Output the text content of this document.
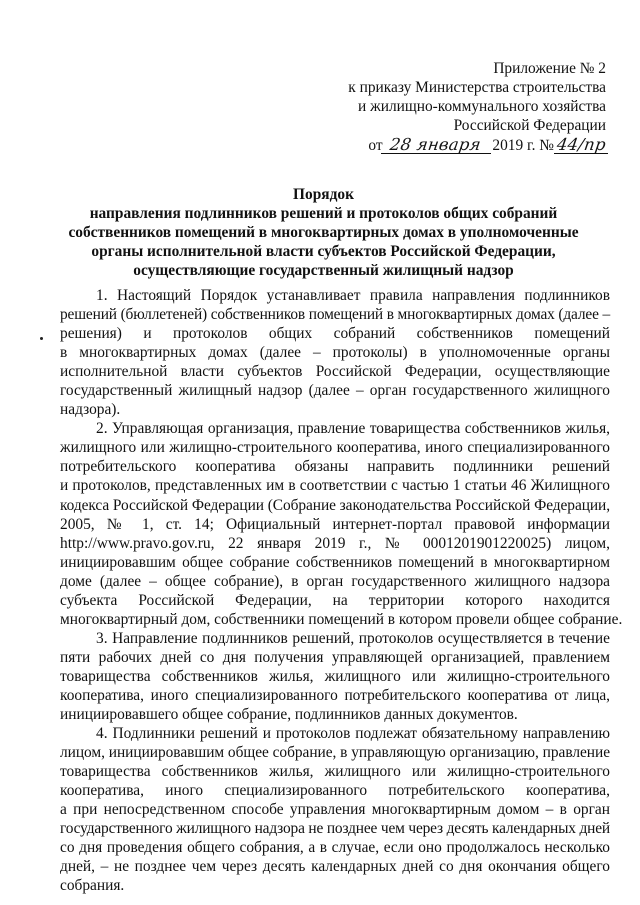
Приложение № 2
к приказу Министерства строительства
и жилищно-коммунального хозяйства
Российской Федерации
от 28 января 2019 г. №44/пр
Порядок
направления подлинников решений и протоколов общих собраний
собственников помещений в многоквартирных домах в уполномоченные
органы исполнительной власти субъектов Российской Федерации,
осуществляющие государственный жилищный надзор
1. Настоящий Порядок устанавливает правила направления подлинников
решений (бюллетеней) собственников помещений в многоквартирных домах (далее –
решения) и протоколов общих собраний собственников помещений
в многоквартирных домах (далее – протоколы) в уполномоченные органы
исполнительной власти субъектов Российской Федерации, осуществляющие
государственный жилищный надзор (далее – орган государственного жилищного
надзора).
2. Управляющая организация, правление товарищества собственников жилья,
жилищного или жилищно-строительного кооператива, иного специализированного
потребительского кооператива обязаны направить подлинники решений
и протоколов, представленных им в соответствии с частью 1 статьи 46 Жилищного
кодекса Российской Федерации (Собрание законодательства Российской Федерации,
2005, № 1, ст. 14; Официальный интернет-портал правовой информации
http://www.pravo.gov.ru, 22 января 2019 г., № 0001201901220025) лицом,
инициировавшим общее собрание собственников помещений в многоквартирном
доме (далее – общее собрание), в орган государственного жилищного надзора
субъекта Российской Федерации, на территории которого находится
многоквартирный дом, собственники помещений в котором провели общее собрание.
3. Направление подлинников решений, протоколов осуществляется в течение
пяти рабочих дней со дня получения управляющей организацией, правлением
товарищества собственников жилья, жилищного или жилищно-строительного
кооператива, иного специализированного потребительского кооператива от лица,
инициировавшего общее собрание, подлинников данных документов.
4. Подлинники решений и протоколов подлежат обязательному направлению
лицом, инициировавшим общее собрание, в управляющую организацию, правление
товарищества собственников жилья, жилищного или жилищно-строительного
кооператива, иного специализированного потребительского кооператива,
а при непосредственном способе управления многоквартирным домом – в орган
государственного жилищного надзора не позднее чем через десять календарных дней
со дня проведения общего собрания, а в случае, если оно продолжалось несколько
дней, – не позднее чем через десять календарных дней со дня окончания общего
собрания.
